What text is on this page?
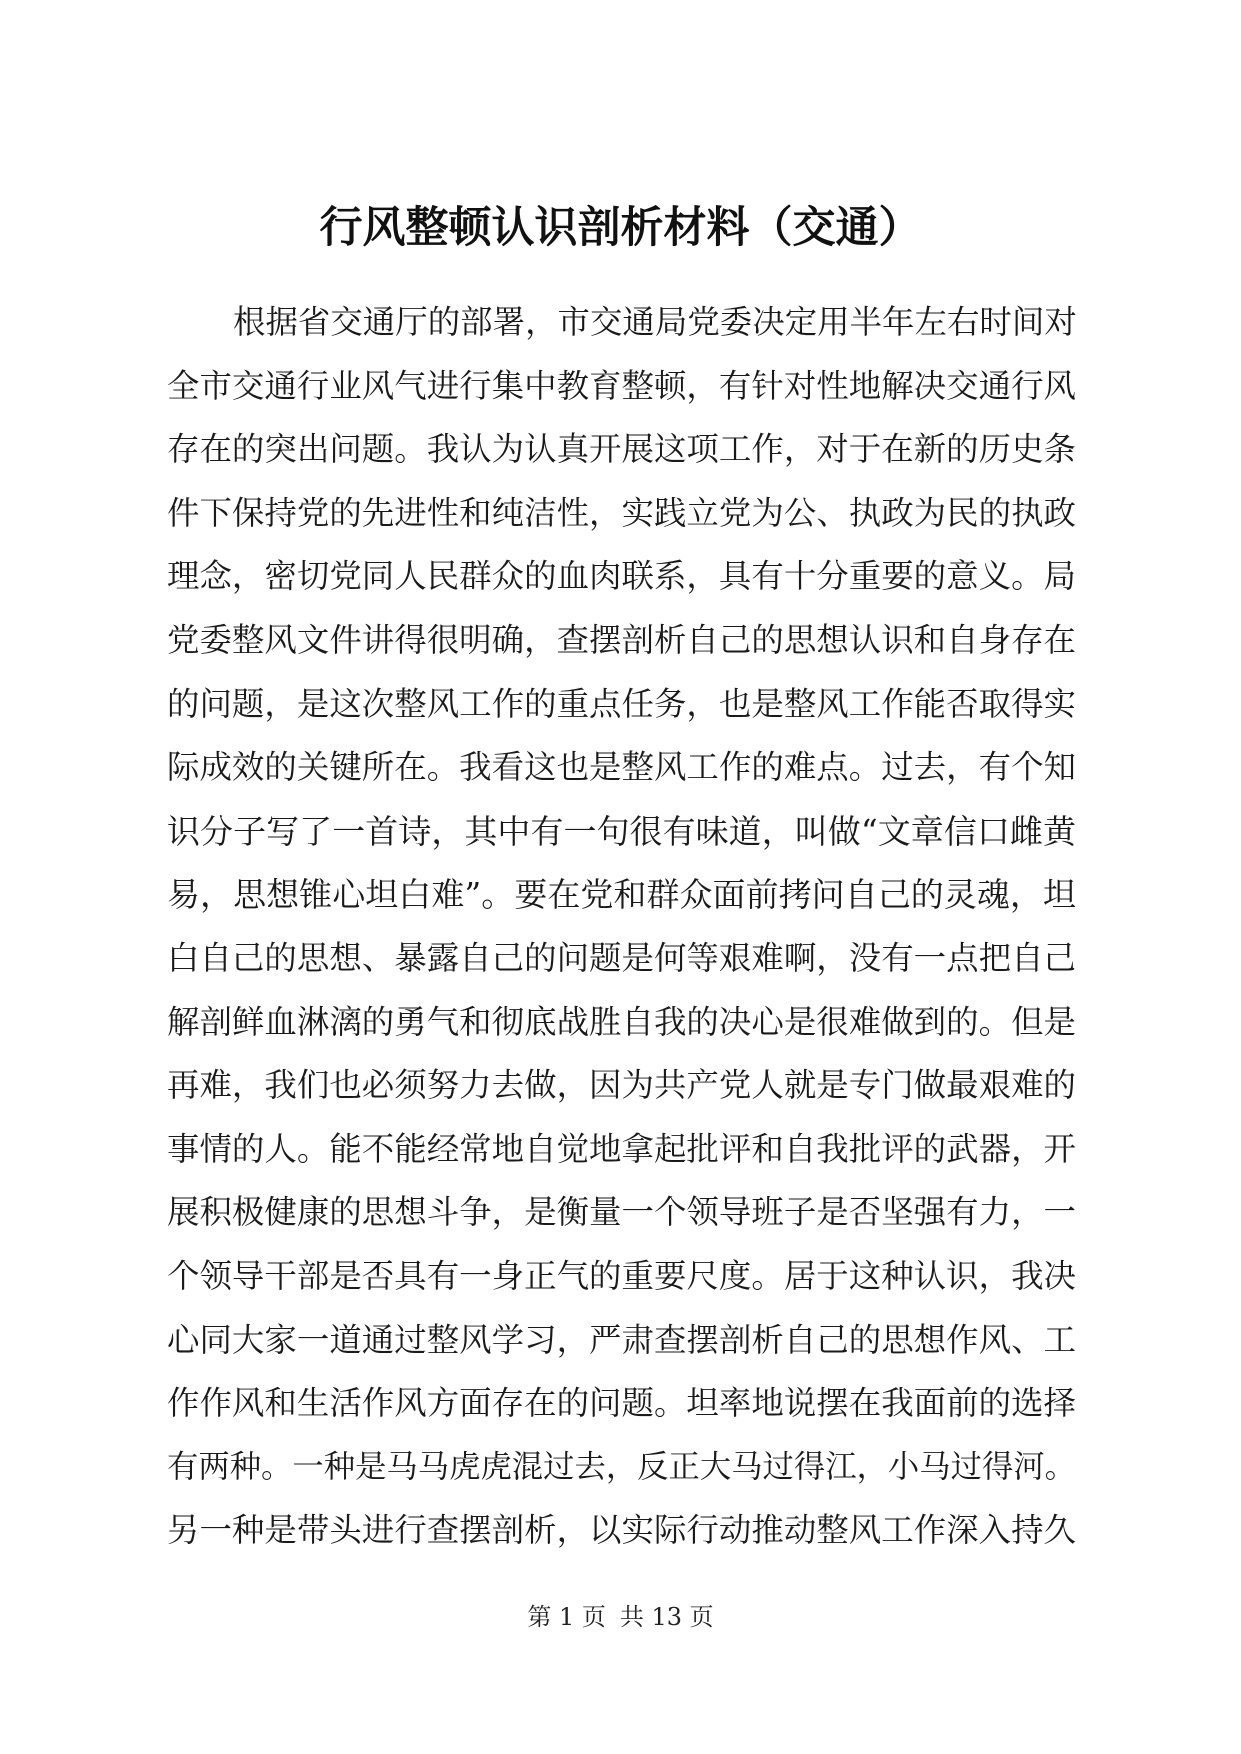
行风整顿认识剖析材料（交通）
根据省交通厅的部署，市交通局党委决定用半年左右时间对
全市交通行业风气进行集中教育整顿，有针对性地解决交通行风
存在的突出问题。我认为认真开展这项工作，对于在新的历史条
件下保持党的先进性和纯洁性，实践立党为公、执政为民的执政
理念，密切党同人民群众的血肉联系，具有十分重要的意义。局
党委整风文件讲得很明确，查摆剖析自己的思想认识和自身存在
的问题，是这次整风工作的重点任务，也是整风工作能否取得实
际成效的关键所在。我看这也是整风工作的难点。过去，有个知
识分子写了一首诗，其中有一句很有味道，叫做“文章信口雌黄
易，思想锥心坦白难”。要在党和群众面前拷问自己的灵魂，坦
白自己的思想、暴露自己的问题是何等艰难啊，没有一点把自己
解剖鲜血淋漓的勇气和彻底战胜自我的决心是很难做到的。但是
再难，我们也必须努力去做，因为共产党人就是专门做最艰难的
事情的人。能不能经常地自觉地拿起批评和自我批评的武器，开
展积极健康的思想斗争，是衡量一个领导班子是否坚强有力，一
个领导干部是否具有一身正气的重要尺度。居于这种认识，我决
心同大家一道通过整风学习，严肃查摆剖析自己的思想作风、工
作作风和生活作风方面存在的问题。坦率地说摆在我面前的选择
有两种。一种是马马虎虎混过去，反正大马过得江，小马过得河。
另一种是带头进行查摆剖析，以实际行动推动整风工作深入持久
第 1 页 共 13 页
